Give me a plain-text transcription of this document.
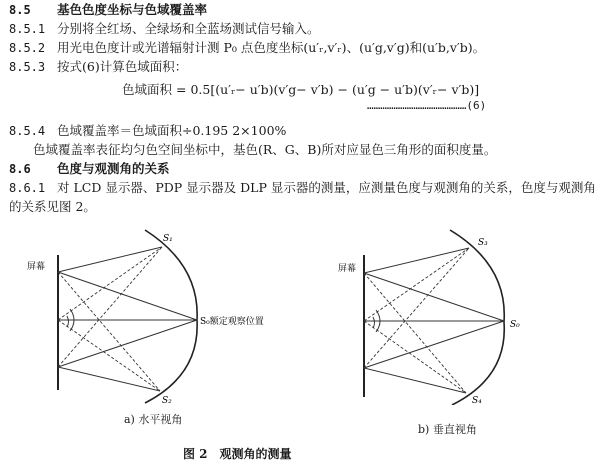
8.5 基色色度坐标与色域覆盖率
8.5.1 分别将全红场、全绿场和全蓝场测试信号输入。
8.5.2 用光电色度计或光谱辐射计测 P₀ 点色度坐标(u′ᵣ,v′ᵣ)、(u′g,v′g)和(u′b,v′b)。
8.5.3 按式(6)计算色域面积：
色域面积 = 0.5[(u′ᵣ− u′b)(v′g− v′b) − (u′g − u′b)(v′ᵣ− v′b)]
………………………………………(6)
8.5.4 色域覆盖率＝色域面积÷0.195 2×100%
色域覆盖率表征均匀色空间坐标中，基色(R、G、B)所对应显色三角形的面积度量。
8.6 色度与观测角的关系
8.6.1 对 LCD 显示器、PDP 显示器及 DLP 显示器的测量，应测量色度与观测角的关系，色度与观测角
的关系见图 2。
屏幕
S₁
S₀额定观察位置
S₂
屏幕
S₃
S₀
S₄
a) 水平视角
b) 垂直视角
图 2　观测角的测量
